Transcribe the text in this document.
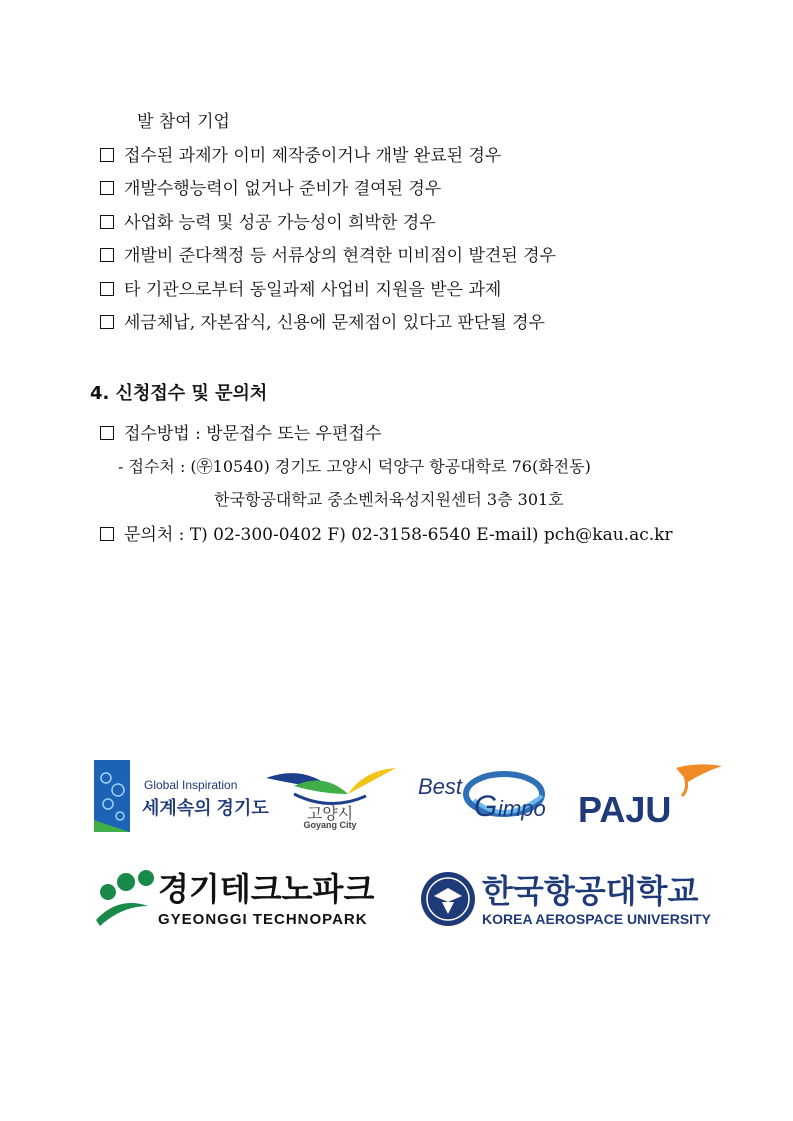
발 참여 기업
접수된 과제가 이미 제작중이거나 개발 완료된 경우
개발수행능력이 없거나 준비가 결여된 경우
사업화 능력 및 성공 가능성이 희박한 경우
개발비 준다책정 등 서류상의 현격한 미비점이 발견된 경우
타 기관으로부터 동일과제 사업비 지원을 받은 과제
세금체납, 자본잠식, 신용에 문제점이 있다고 판단될 경우
4. 신청접수 및 문의처
접수방법 : 방문접수 또는 우편접수
- 접수처 : (㉾10540) 경기도 고양시 덕양구 항공대학로 76(화전동)
한국항공대학교 중소벤처육성지원센터 3층 301호
문의처 : T) 02-300-0402 F) 02-3158-6540 E-mail) pch@kau.ac.kr
Global Inspiration
세계속의 경기도 고양시
Goyang City
Best
G impo PAJU
경기테크노파크
GYEONGGI TECHNOPARK
한국항공대학교
KOREA AEROSPACE UNIVERSITY
